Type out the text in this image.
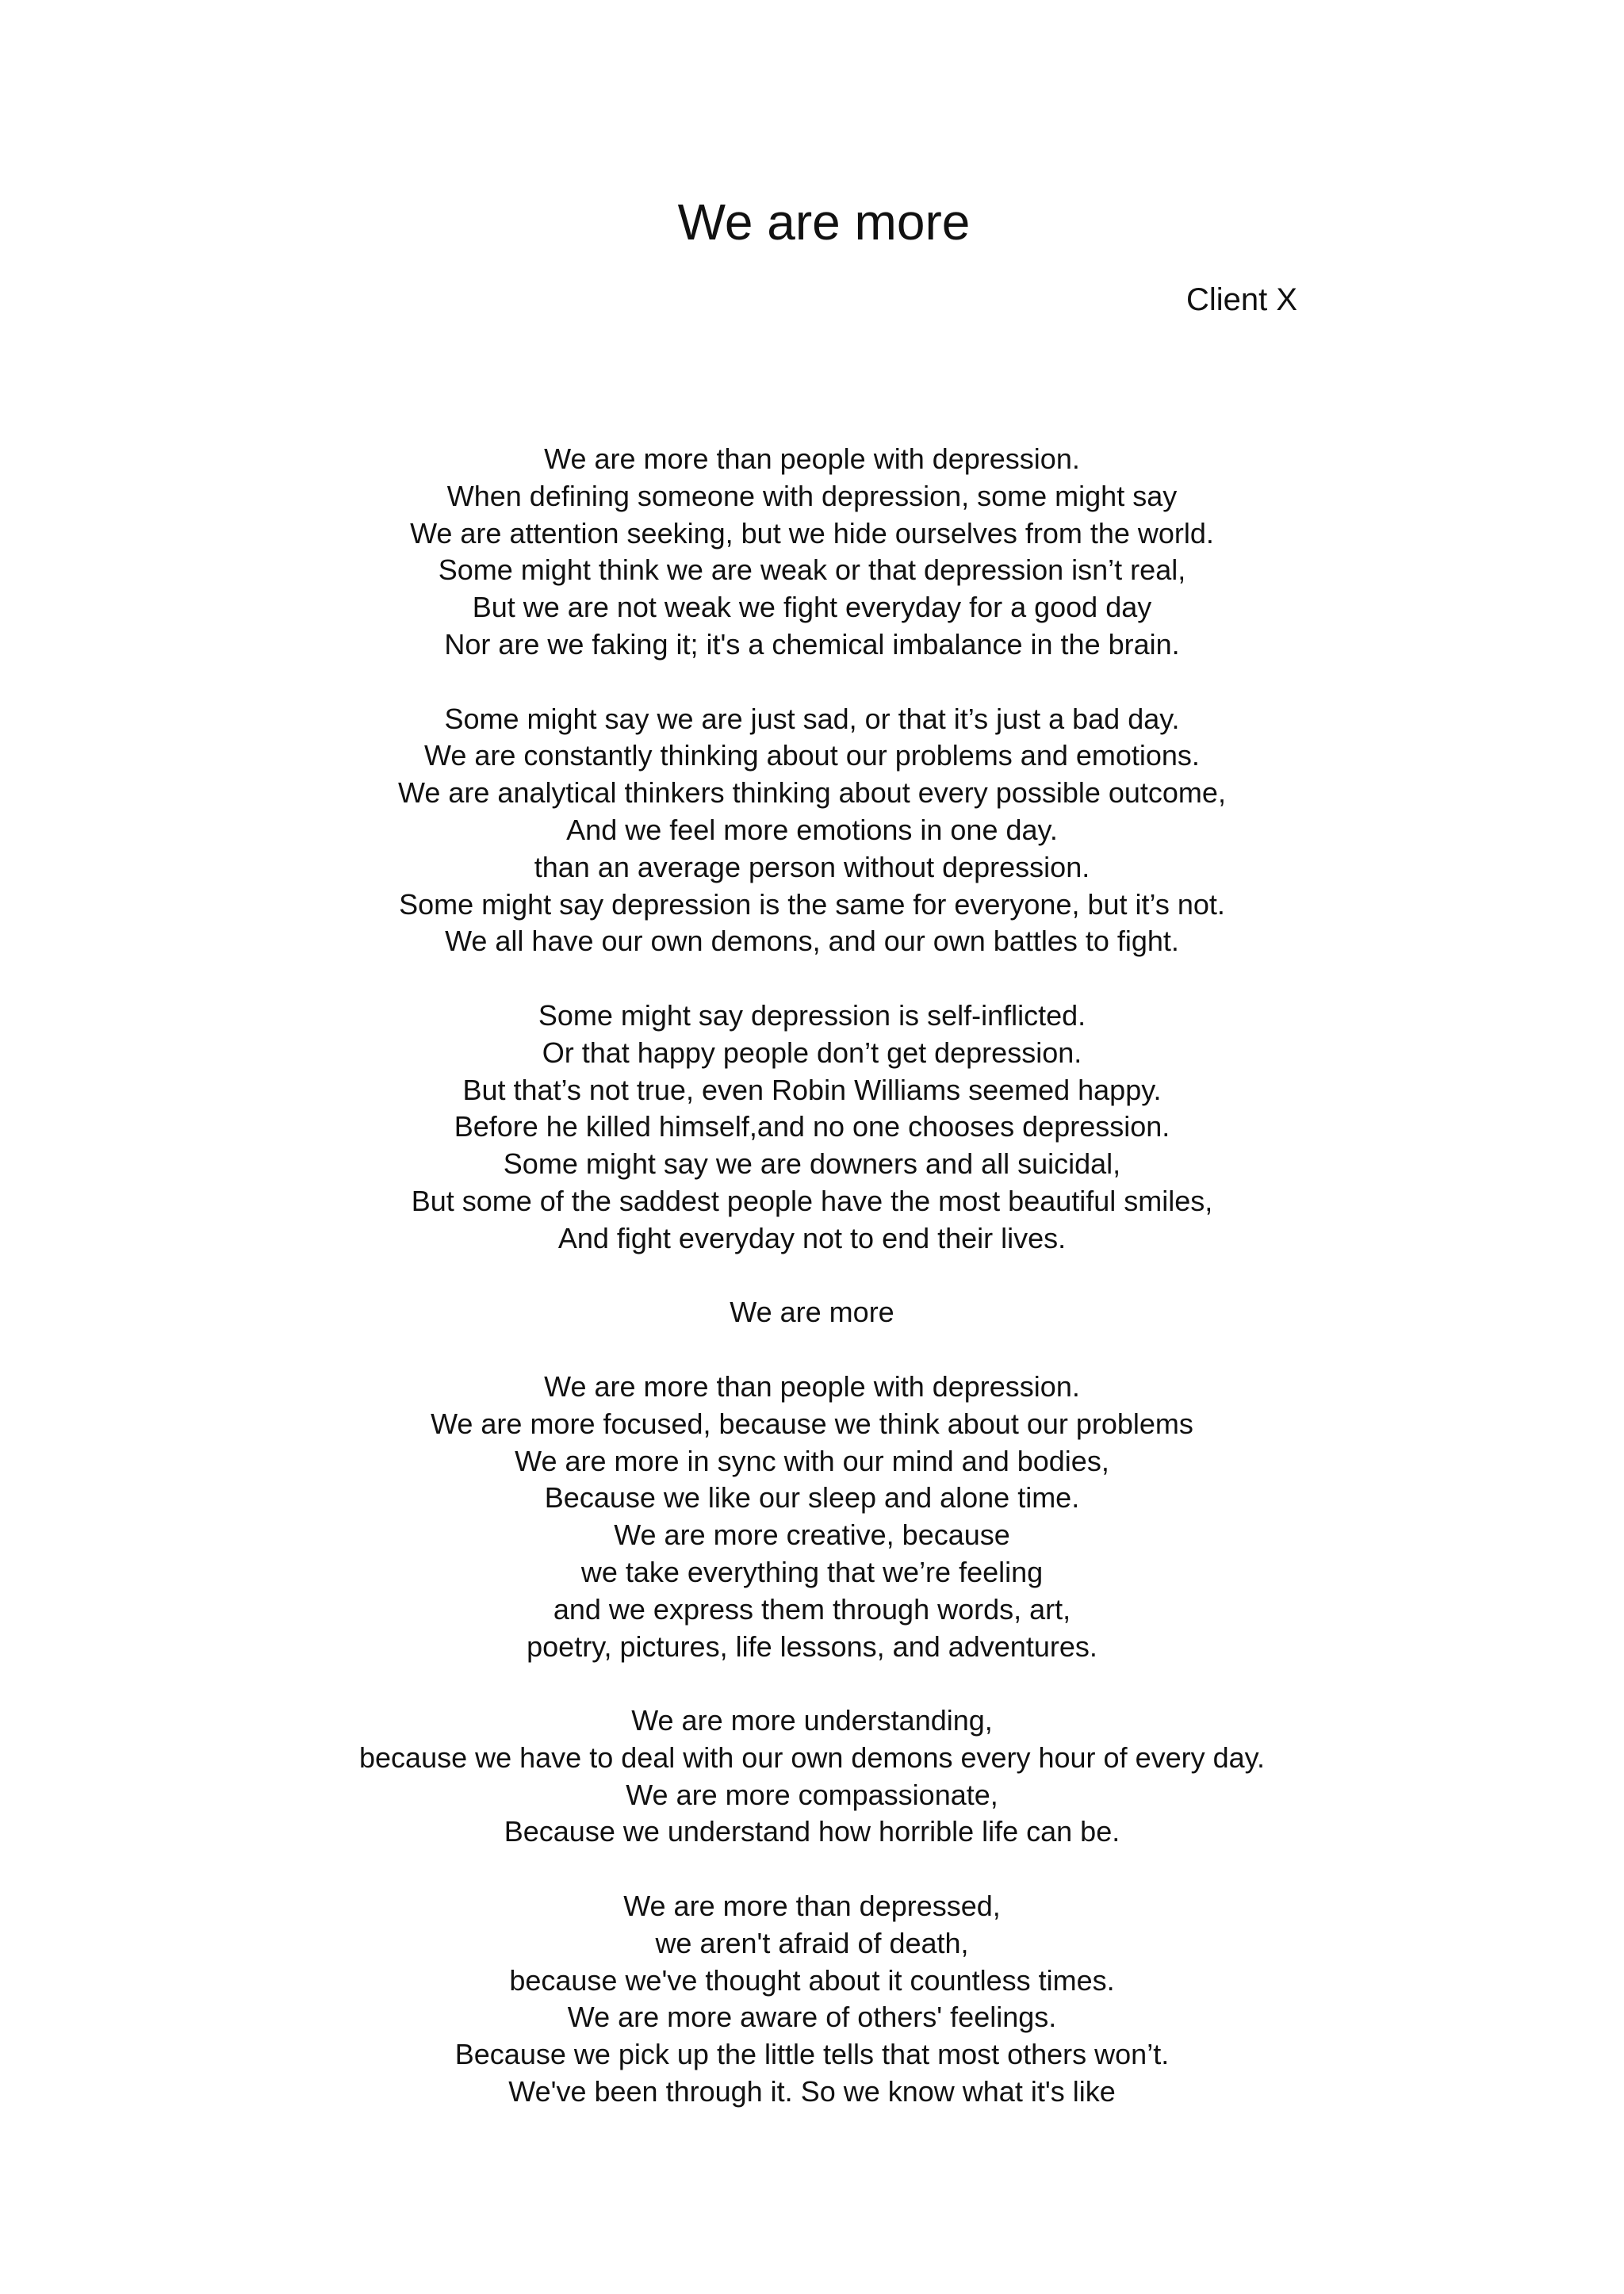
We are more
Client X
We are more than people with depression.
When defining someone with depression, some might say
We are attention seeking, but we hide ourselves from the world.
Some might think we are weak or that depression isn’t real,
But we are not weak we fight everyday for a good day
Nor are we faking it; it's a chemical imbalance in the brain.
Some might say we are just sad, or that it’s just a bad day.
We are constantly thinking about our problems and emotions.
We are analytical thinkers thinking about every possible outcome,
And we feel more emotions in one day.
than an average person without depression.
Some might say depression is the same for everyone, but it’s not.
We all have our own demons, and our own battles to fight.
Some might say depression is self-inflicted.
Or that happy people don’t get depression.
But that’s not true, even Robin Williams seemed happy.
Before he killed himself,and no one chooses depression.
Some might say we are downers and all suicidal,
But some of the saddest people have the most beautiful smiles,
And fight everyday not to end their lives.
We are more
We are more than people with depression.
We are more focused, because we think about our problems
We are more in sync with our mind and bodies,
Because we like our sleep and alone time.
We are more creative, because
we take everything that we’re feeling
and we express them through words, art,
poetry, pictures, life lessons, and adventures.
We are more understanding,
because we have to deal with our own demons every hour of every day.
We are more compassionate,
Because we understand how horrible life can be.
We are more than depressed,
we aren't afraid of death,
because we've thought about it countless times.
We are more aware of others' feelings.
Because we pick up the little tells that most others won’t.
We've been through it. So we know what it's like
